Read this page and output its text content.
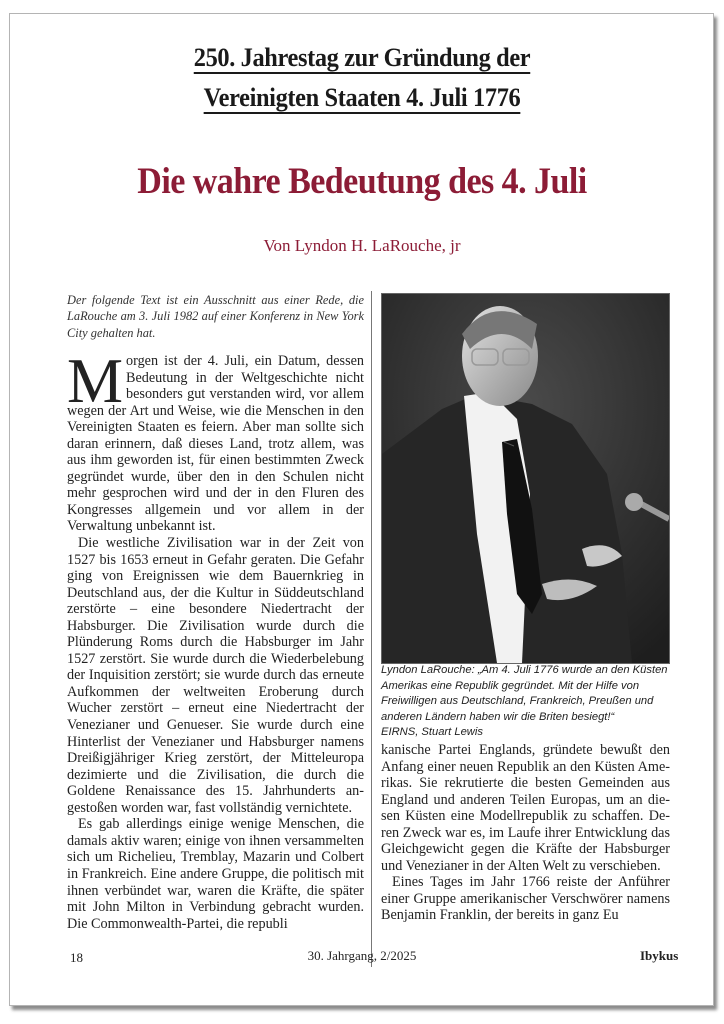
250. Jahrestag zur Gründung der
Vereinigten Staaten 4. Juli 1776
Die wahre Bedeutung des 4. Juli
Von Lyndon H. LaRouche, jr
Der folgende Text ist ein Ausschnitt aus einer Rede, die LaRouche am 3. Juli 1982 auf einer Konferenz in New York City gehalten hat.

Morgen ist der 4. Juli, ein Datum, dessen Bedeutung in der Weltgeschichte nicht besonders gut verstanden wird, vor allem wegen der Art und Weise, wie die Menschen in den Vereinigten Staaten es feiern. Aber man sollte sich daran erinnern, daß dieses Land, trotz allem, was aus ihm geworden ist, für einen bestimmten Zweck gegründet wurde, über den in den Schulen nicht mehr gesprochen wird und der in den Fluren des Kongresses allgemein und vor allem in der Verwaltung unbekannt ist.

Die westliche Zivilisation war in der Zeit von 1527 bis 1653 erneut in Gefahr geraten. Die Gefahr ging von Ereignissen wie dem Bauernkrieg in Deutschland aus, der die Kultur in Süddeutschland zerstörte – eine besondere Niedertracht der Habsburger. Die Zivilisation wurde durch die Plünderung Roms durch die Habsburger im Jahr 1527 zerstört. Sie wurde durch die Wiederbelebung der Inquisition zerstört; sie wurde durch das erneute Aufkommen der weltweiten Eroberung durch Wucher zerstört – erneut eine Niedertracht der Venezianer und Genueser. Sie wurde durch eine Hinterlist der Venezianer und Habsburger namens Dreißigjähriger Krieg zerstört, der Mitteleuropa dezimierte und die Zivilisation, die durch die Goldene Renaissance des 15. Jahrhunderts angestoßen worden war, fast vollständig vernichtete.

Es gab allerdings einige wenige Menschen, die damals aktiv waren; einige von ihnen versammelten sich um Richelieu, Tremblay, Mazarin und Colbert in Frankreich. Eine andere Gruppe, die politisch mit ihnen verbündet war, waren die Kräfte, die später mit John Milton in Verbindung gebracht wurden. Die Commonwealth-Partei, die republi

Lyndon LaRouche: „Am 4. Juli 1776 wurde an den Küsten Amerikas eine Republik gegründet. Mit der Hilfe von Freiwilligen aus Deutschland, Frankreich, Preußen und anderen Ländern haben wir die Briten besiegt!“
EIRNS, Stuart Lewis

kanische Partei Englands, gründete bewußt den Anfang einer neuen Republik an den Küsten Amerikas. Sie rekrutierte die besten Gemeinden aus England und anderen Teilen Europas, um an diesen Küsten eine Modellrepublik zu schaffen. Deren Zweck war es, im Laufe ihrer Entwicklung das Gleichgewicht gegen die Kräfte der Habsburger und Venezianer in der Alten Welt zu verschieben.

Eines Tages im Jahr 1766 reiste der Anführer einer Gruppe amerikanischer Verschwörer namens Benjamin Franklin, der bereits in ganz Eu

18	30. Jahrgang, 2/2025	Ibykus
